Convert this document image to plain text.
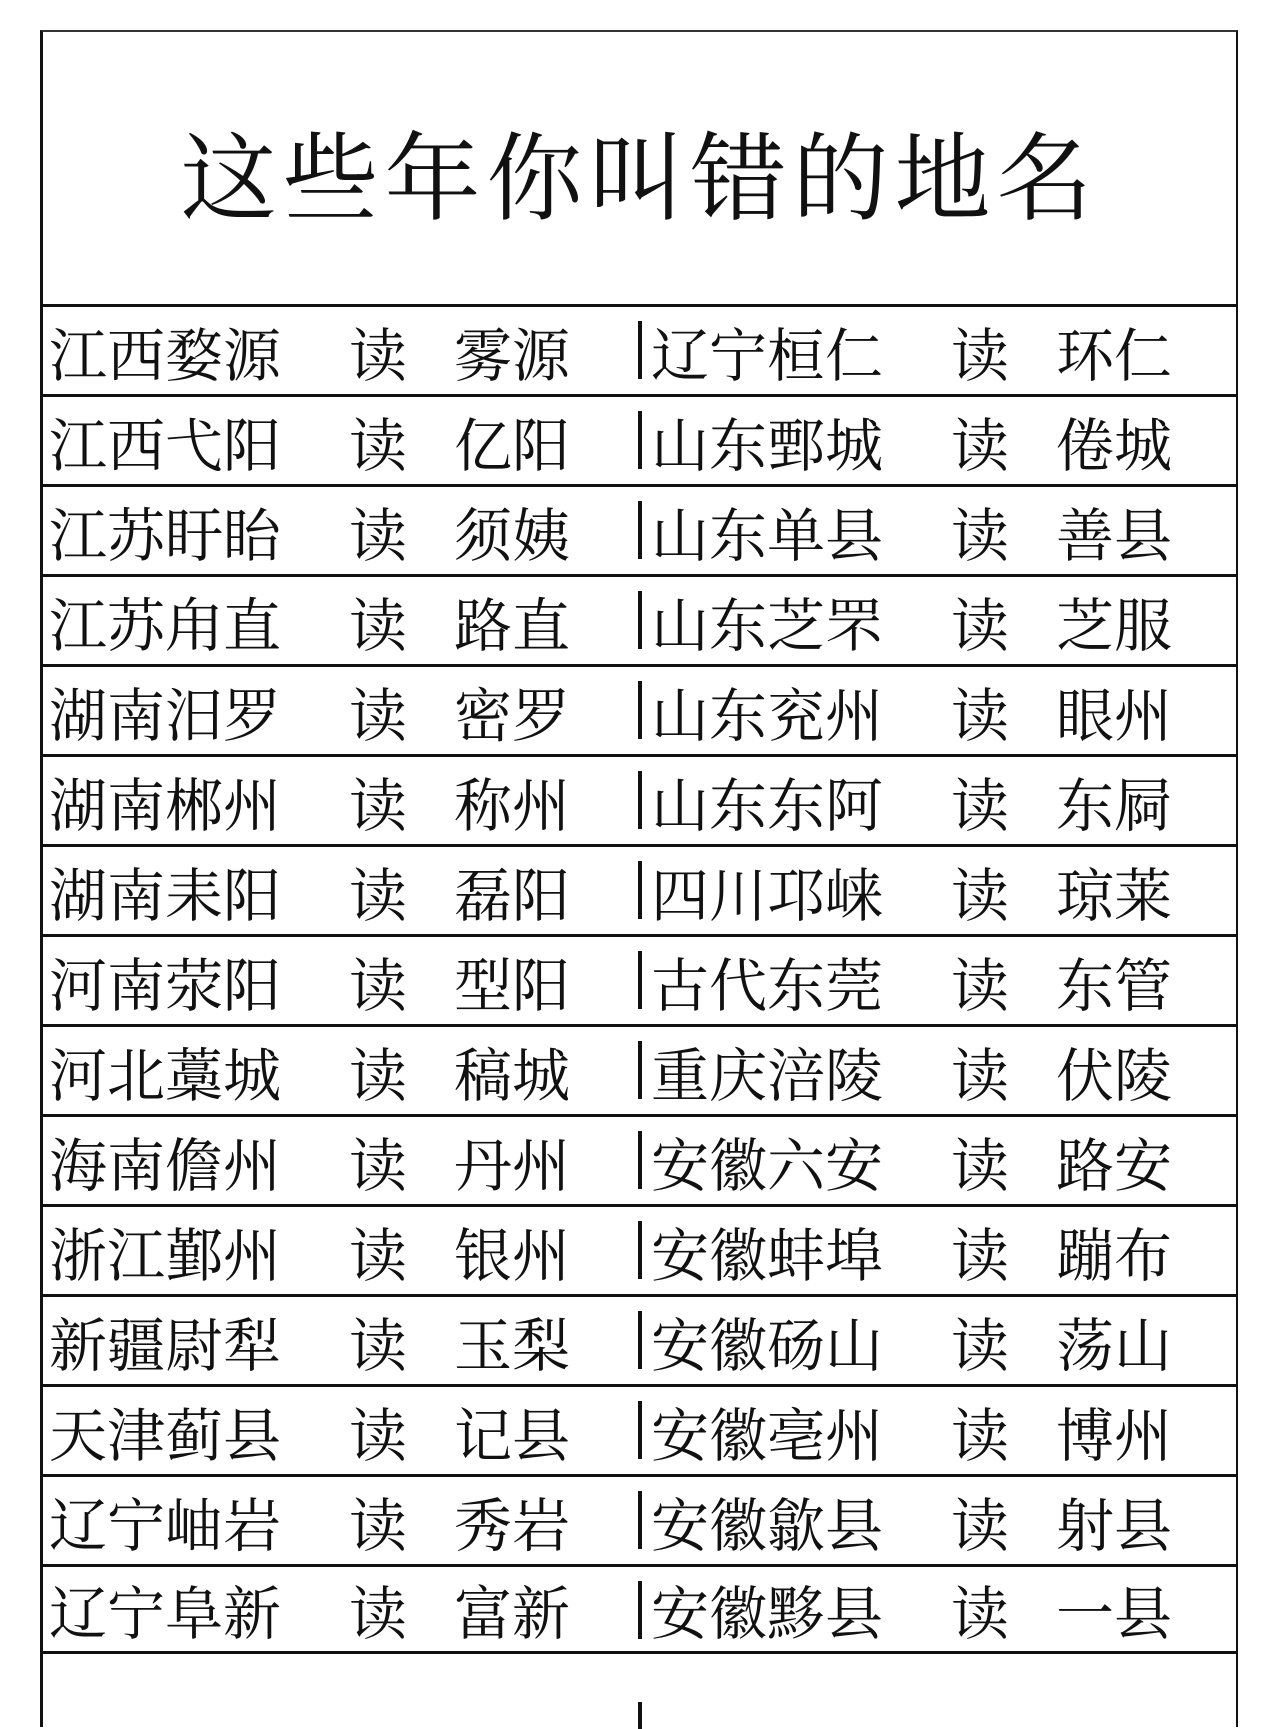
这些年你叫错的地名
江西婺源	读 雾源 辽宁桓仁	读 环仁
江西弋阳	读 亿阳 山东鄄城	读 倦城
江苏盱眙	读 须姨 山东单县	读 善县
江苏甪直	读 路直 山东芝罘	读 芝服
湖南汨罗	读 密罗 山东兖州	读 眼州
湖南郴州	读 称州 山东东阿	读 东屙
湖南耒阳	读 磊阳 四川邛崃	读 琼莱
河南荥阳	读 型阳 古代东莞	读 东管
河北藁城	读 稿城 重庆涪陵	读 伏陵
海南儋州	读 丹州 安徽六安	读 路安
浙江鄞州	读 银州 安徽蚌埠	读 蹦布
新疆尉犁	读 玉梨 安徽砀山	读 荡山
天津蓟县	读 记县 安徽亳州	读 博州
辽宁岫岩	读 秀岩 安徽歙县	读 射县
辽宁阜新	读 富新 安徽黟县	读 一县
